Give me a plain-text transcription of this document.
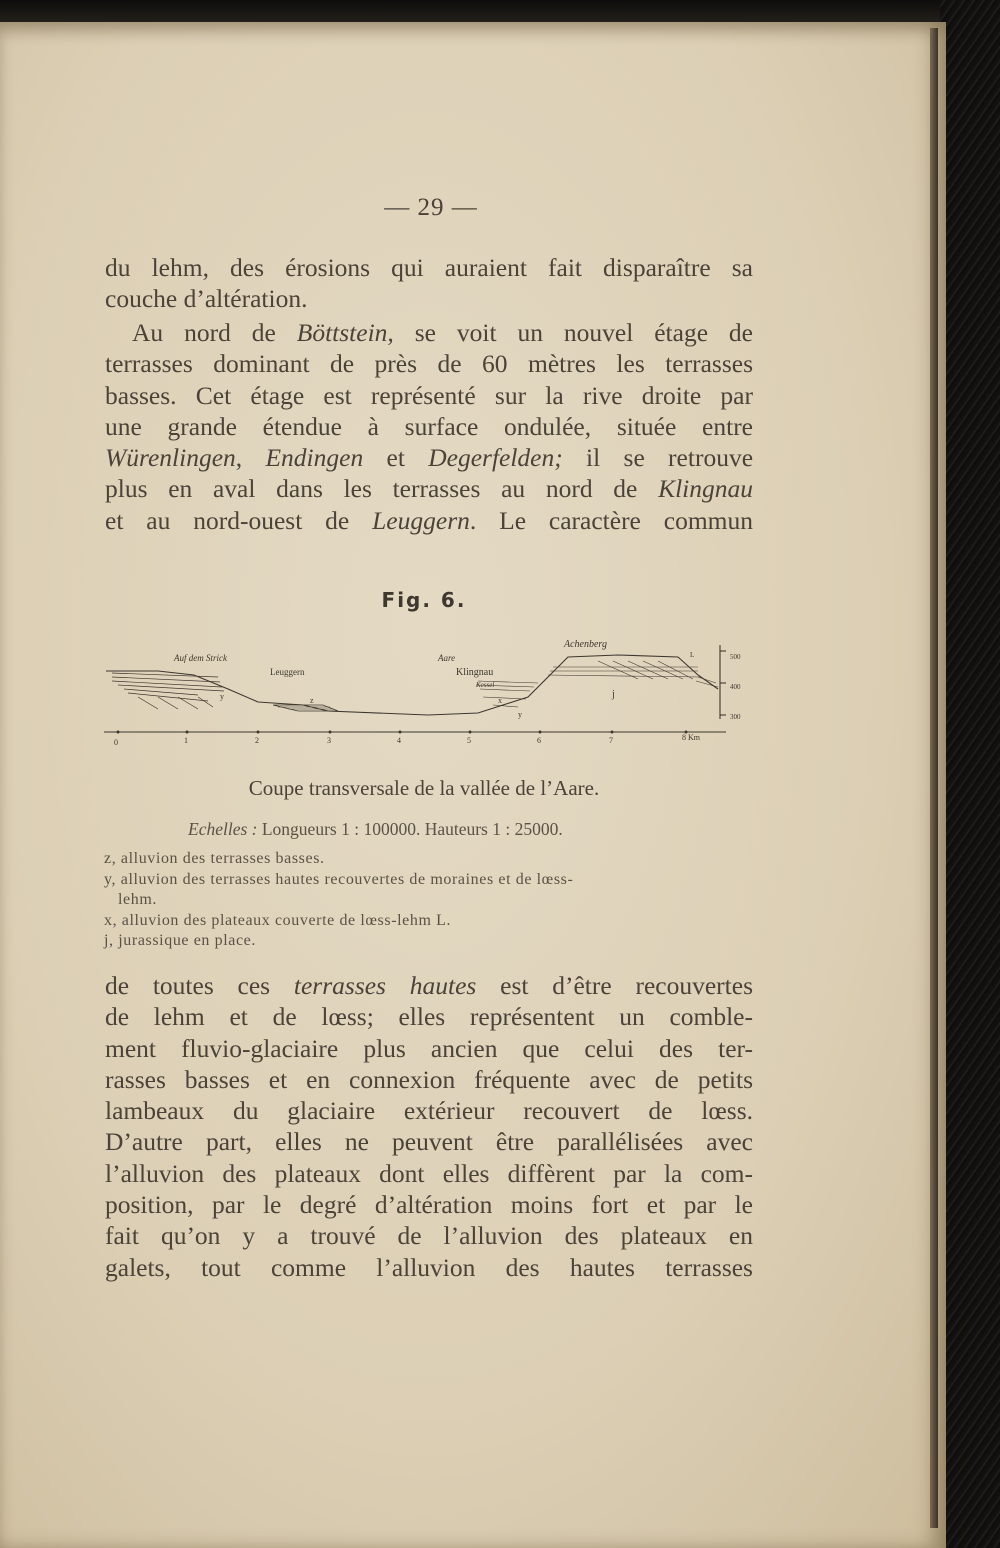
— 29 —

du lehm, des érosions qui auraient fait disparaître sa

couche d’altération.

Au nord de Böttstein, se voit un nouvel étage de

terrasses dominant de près de 60 mètres les terrasses

basses. Cet étage est représenté sur la rive droite par

une grande étendue à surface ondulée, située entre

Würenlingen, Endingen et Degerfelden; il se retrouve

plus en aval dans les terrasses au nord de Klingnau

et au nord-ouest de Leuggern. Le caractère commun

Fig. 6.
Auf dem Strick
Leuggern
Aare
Klingnau
Kessel
Achenberg
y	z	x
y
j
L	500
400
300
0	1	2	3	4	5	6	7	8 Km
Coupe transversale de la vallée de l’Aare.
Echelles : Longueurs 1 : 100000. Hauteurs 1 : 25000.
z, alluvion des terrasses basses.
y, alluvion des terrasses hautes recouvertes de moraines et de lœss-
lehm.
x, alluvion des plateaux couverte de lœss-lehm L.
j, jurassique en place.

de toutes ces terrasses hautes est d’être recouvertes

de lehm et de lœss; elles représentent un comble-

ment fluvio-glaciaire plus ancien que celui des ter-

rasses basses et en connexion fréquente avec de petits

lambeaux du glaciaire extérieur recouvert de lœss.

D’autre part, elles ne peuvent être parallélisées avec

l’alluvion des plateaux dont elles diffèrent par la com-

position, par le degré d’altération moins fort et par le

fait qu’on y a trouvé de l’alluvion des plateaux en

galets, tout comme l’alluvion des hautes terrasses
